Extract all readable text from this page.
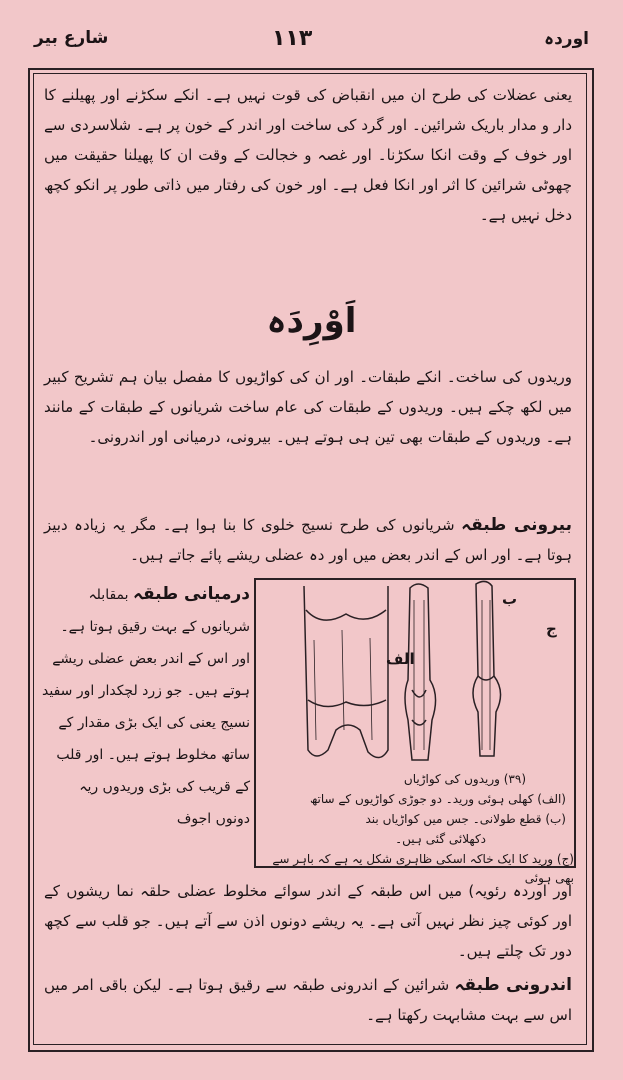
شارع بیر	۱۱۳	اوردہ
یعنی عضلات کی طرح ان میں انقباض کی قوت نہیں ہے۔ انکے سکڑنے اور پھیلنے کا دار و مدار باریک شرائین۔ اور گرد کی ساخت اور اندر کے خون پر ہے۔ شلاسردی سے اور خوف کے وقت انکا سکڑنا۔ اور غصہ و خجالت کے وقت ان کا پھیلنا حقیقت میں چھوٹی شرائین کا اثر اور انکا فعل ہے۔ اور خون کی رفتار میں ذاتی طور پر انکو کچھ دخل نہیں ہے۔
اَوْرِدَہ
وریدوں کی ساخت۔ انکے طبقات۔ اور ان کی کواڑیوں کا مفصل بیان ہم تشریح کبیر میں لکھ چکے ہیں۔ وریدوں کے طبقات کی عام ساخت شریانوں کے طبقات کے مانند ہے۔ وریدوں کے طبقات بھی تین ہی ہوتے ہیں۔ بیرونی، درمیانی اور اندرونی۔
بیرونی طبقہ شریانوں کی طرح نسیج خلوی کا بنا ہوا ہے۔ مگر یہ زیادہ دبیز ہوتا ہے۔ اور اس کے اندر بعض میں اور دہ عضلی ریشے پائے جاتے ہیں۔
درمیانی طبقہ بمقابلہ شریانوں کے بہت رقیق ہوتا ہے۔ اور اس کے اندر بعض عضلی ریشے ہوتے ہیں۔ جو زرد لچکدار اور سفید نسیج یعنی کی ایک بڑی مقدار کے ساتھ مخلوط ہوتے ہیں۔ اور قلب کے قریب کی بڑی وریدوں ریہ دونوں اجوف
ج
ب
الف
(۳۹) وریدوں کی کواڑیاں
(الف) کھلی ہوئی ورید۔ دو جوڑی کواڑیوں کے ساتھ
(ب) قطع طولانی۔ جس میں کواڑیاں بند
دکھلائی گئی ہیں۔
(ج) ورید کا ایک خاکہ اسکی ظاہری شکل یہ ہے کہ باہر سے بھی ہوئی
اور اوردہ رئویہ) میں اس طبقہ کے اندر سوائے مخلوط عضلی حلقہ نما ریشوں کے اور کوئی چیز نظر نہیں آتی ہے۔ یہ ریشے دونوں اذن سے آتے ہیں۔ جو قلب سے کچھ دور تک چلتے ہیں۔
اندرونی طبقہ شرائین کے اندرونی طبقہ سے رقیق ہوتا ہے۔ لیکن باقی امر میں اس سے بہت مشابہت رکھتا ہے۔
